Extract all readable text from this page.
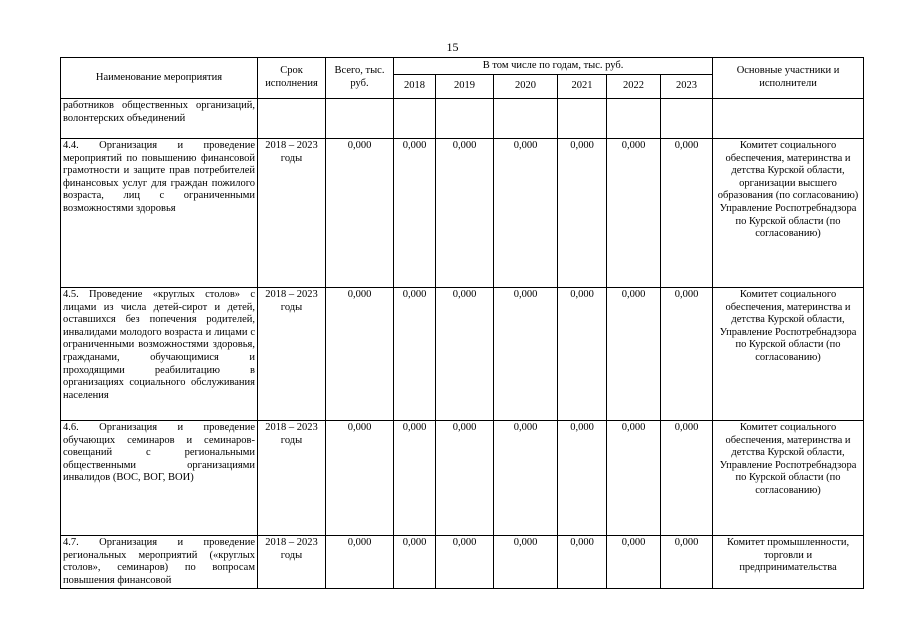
15
Наименование мероприятия	Срок исполнения	Всего, тыс. руб.	В том числе по годам, тыс. руб.						Основные участники и исполнители
			2018	2019	2020	2021	2022	2023	
работников общественных организаций, волонтерских объединений									
4.4. Организация и проведение мероприятий по повышению финансовой грамотности и защите прав потребителей финансовых услуг для граждан пожилого возраста, лиц с ограниченными возможностями здоровья	2018 – 2023 годы	0,000	0,000	0,000	0,000	0,000	0,000	0,000	Комитет социального обеспечения, материнства и детства Курской области, организации высшего образования (по согласованию) Управление Роспотребнадзора по Курской области (по согласованию)
4.5. Проведение «круглых столов» с лицами из числа детей-сирот и детей, оставшихся без попечения родителей, инвалидами молодого возраста и лицами с ограниченными возможностями здоровья, гражданами, обучающимися и проходящими реабилитацию в организациях социального обслуживания населения	2018 – 2023 годы	0,000	0,000	0,000	0,000	0,000	0,000	0,000	Комитет социального обеспечения, материнства и детства Курской области, Управление Роспотребнадзора по Курской области (по согласованию)
4.6. Организация и проведение обучающих семинаров и семинаров-совещаний с региональными общественными организациями инвалидов (ВОС, ВОГ, ВОИ)	2018 – 2023 годы	0,000	0,000	0,000	0,000	0,000	0,000	0,000	Комитет социального обеспечения, материнства и детства Курской области, Управление Роспотребнадзора по Курской области (по согласованию)
4.7. Организация и проведение региональных мероприятий («круглых столов», семинаров) по вопросам повышения финансовой	2018 – 2023 годы	0,000	0,000	0,000	0,000	0,000	0,000	0,000	Комитет промышленности, торговли и предпринимательства
